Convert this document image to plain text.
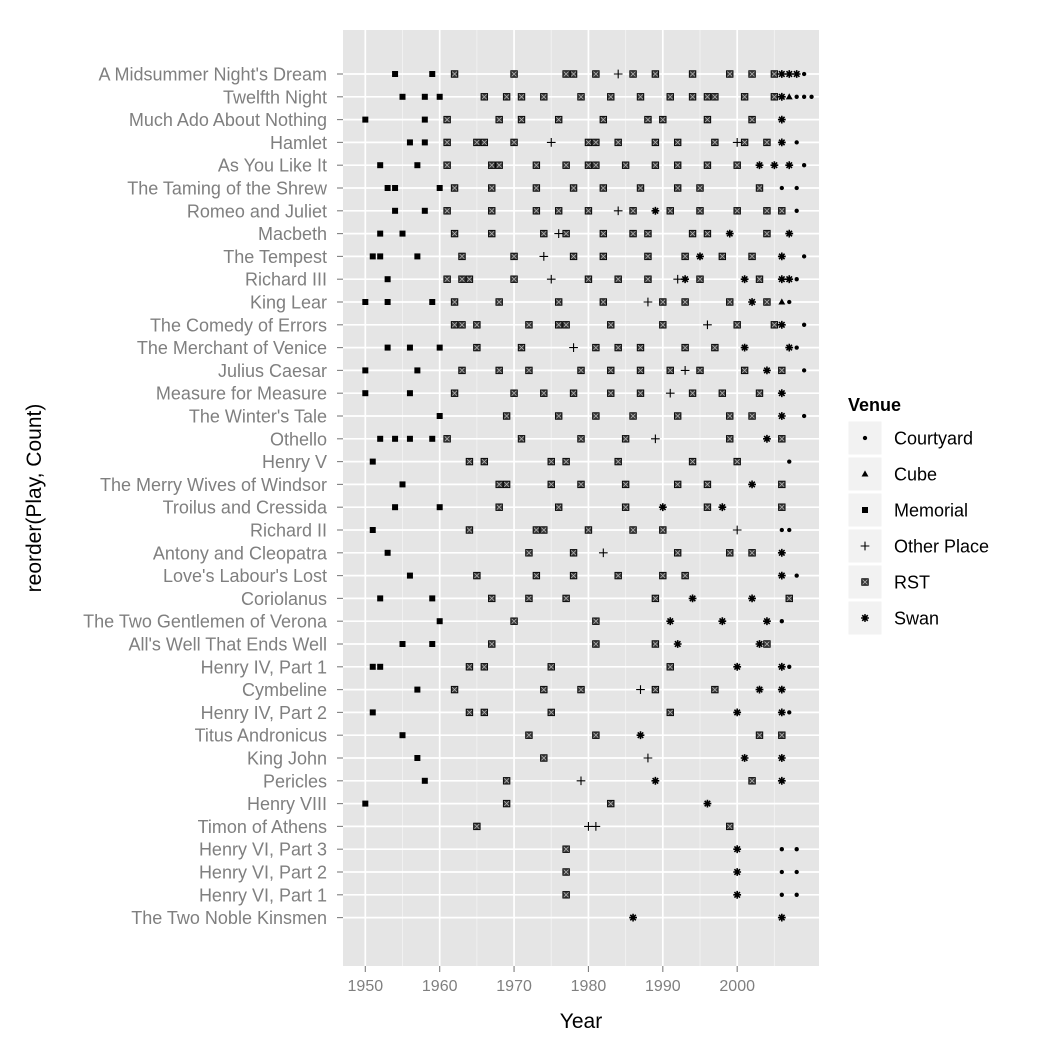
A Midsummer Night's Dream
Twelfth Night
Much Ado About Nothing
Hamlet
As You Like It
The Taming of the Shrew
Romeo and Juliet
Macbeth
The Tempest
Richard III
King Lear
The Comedy of Errors
The Merchant of Venice
Julius Caesar
Measure for Measure
The Winter's Tale
Othello
Henry V
The Merry Wives of Windsor
Troilus and Cressida
Richard II
Antony and Cleopatra
Love's Labour's Lost
Coriolanus
The Two Gentlemen of Verona
All's Well That Ends Well
Henry IV, Part 1
Cymbeline
Henry IV, Part 2
Titus Andronicus
King John
Pericles
Henry VIII
Timon of Athens
Henry VI, Part 3
Henry VI, Part 2
Henry VI, Part 1
The Two Noble Kinsmen
1950 1960 1970 1980 1990 2000
Year
reorder(Play, Count)	Venue
Courtyard
Cube
Memorial
Other Place
RST
Swan
